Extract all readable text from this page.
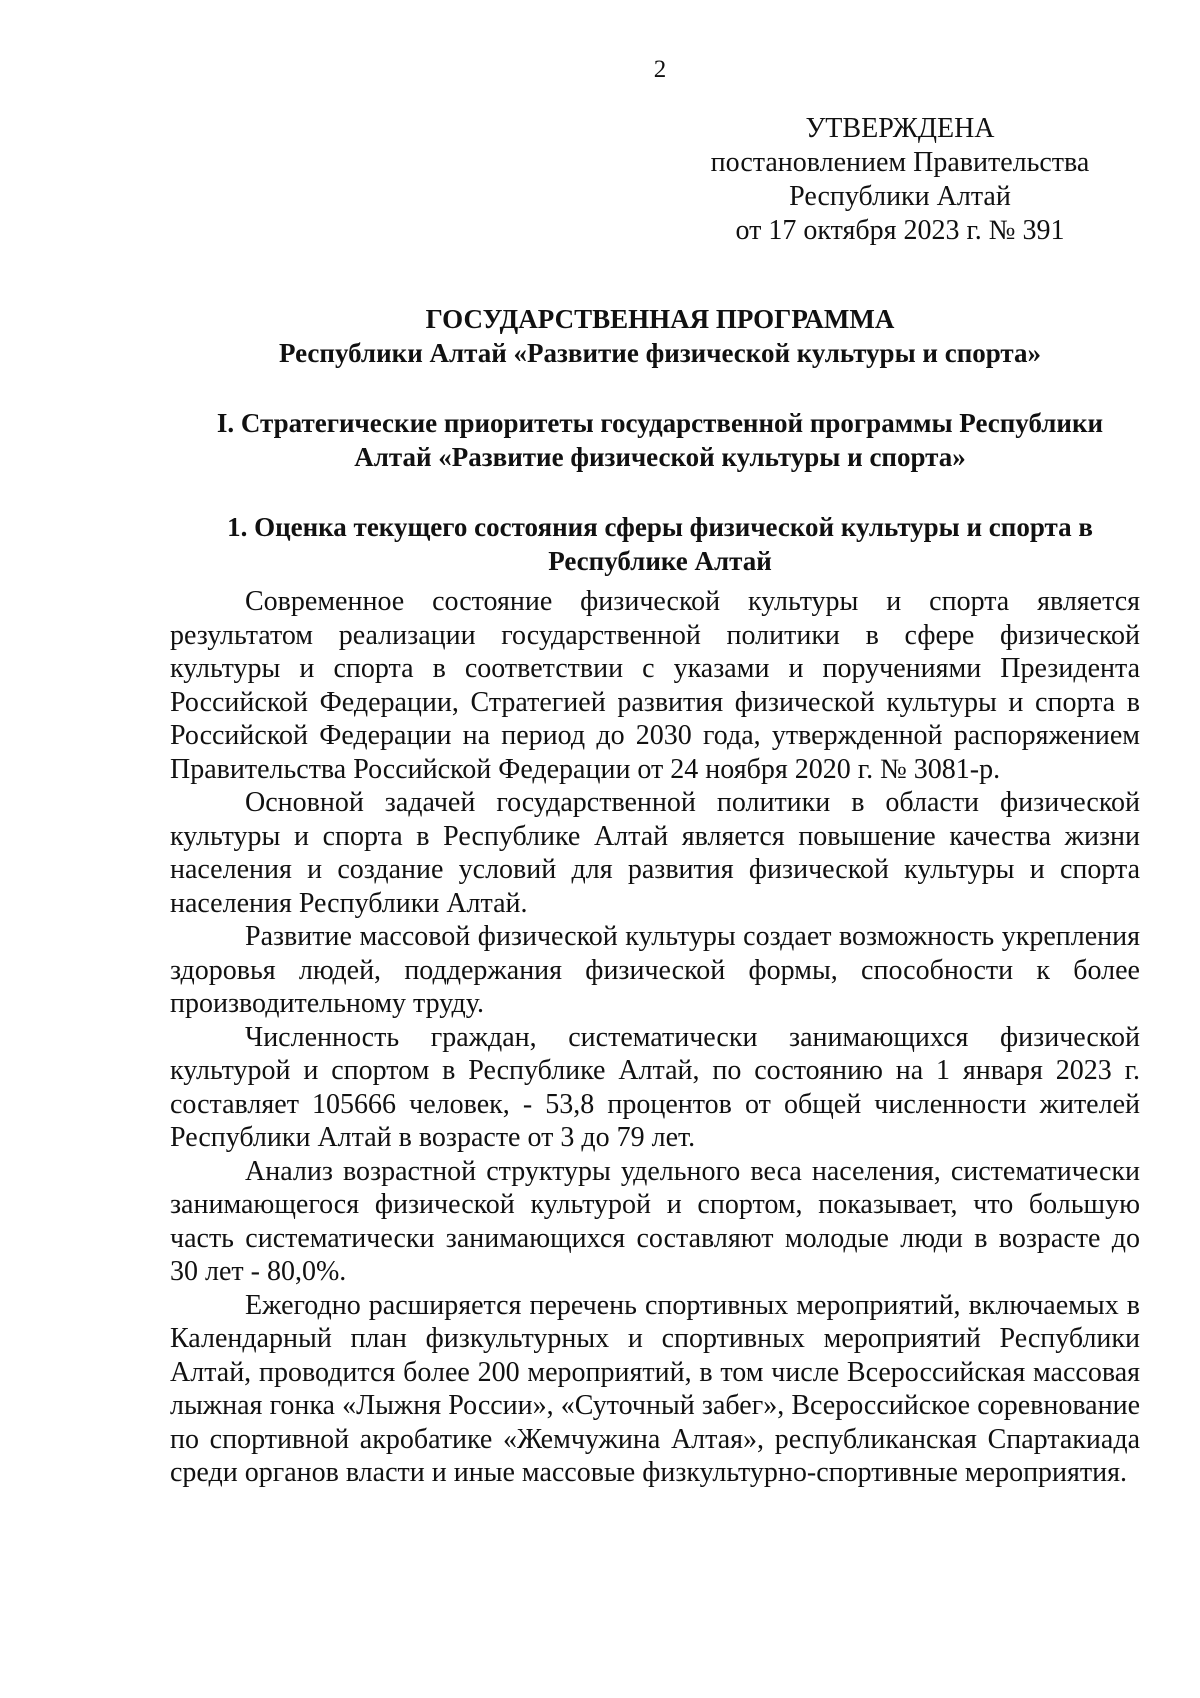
2
УТВЕРЖДЕНА
постановлением Правительства
Республики Алтай
от 17 октября 2023 г. № 391
ГОСУДАРСТВЕННАЯ ПРОГРАММА
Республики Алтай «Развитие физической культуры и спорта»
I. Стратегические приоритеты государственной программы Республики
Алтай «Развитие физической культуры и спорта»
1. Оценка текущего состояния сферы физической культуры и спорта в
Республике Алтай

Современное состояние физической культуры и спорта является результатом реализации государственной политики в сфере физической культуры и спорта в соответствии с указами и поручениями Президента Российской Федерации, Стратегией развития физической культуры и спорта в Российской Федерации на период до 2030 года, утвержденной распоряжением Правительства Российской Федерации от 24 ноября 2020 г. № 3081-р.

Основной задачей государственной политики в области физической культуры и спорта в Республике Алтай является повышение качества жизни населения и создание условий для развития физической культуры и спорта населения Республики Алтай.

Развитие массовой физической культуры создает возможность укрепления здоровья людей, поддержания физической формы, способности к более производительному труду.

Численность граждан, систематически занимающихся физической культурой и спортом в Республике Алтай, по состоянию на 1 января 2023 г. составляет 105666 человек, - 53,8 процентов от общей численности жителей Республики Алтай в возрасте от 3 до 79 лет.

Анализ возрастной структуры удельного веса населения, систематически занимающегося физической культурой и спортом, показывает, что большую часть систематически занимающихся составляют молодые люди в возрасте до 30 лет - 80,0%.

Ежегодно расширяется перечень спортивных мероприятий, включаемых в Календарный план физкультурных и спортивных мероприятий Республики Алтай, проводится более 200 мероприятий, в том числе Всероссийская массовая лыжная гонка «Лыжня России», «Суточный забег», Всероссийское соревнование по спортивной акробатике «Жемчужина Алтая», республиканская Спартакиада среди органов власти и иные массовые физкультурно-спортивные мероприятия.
